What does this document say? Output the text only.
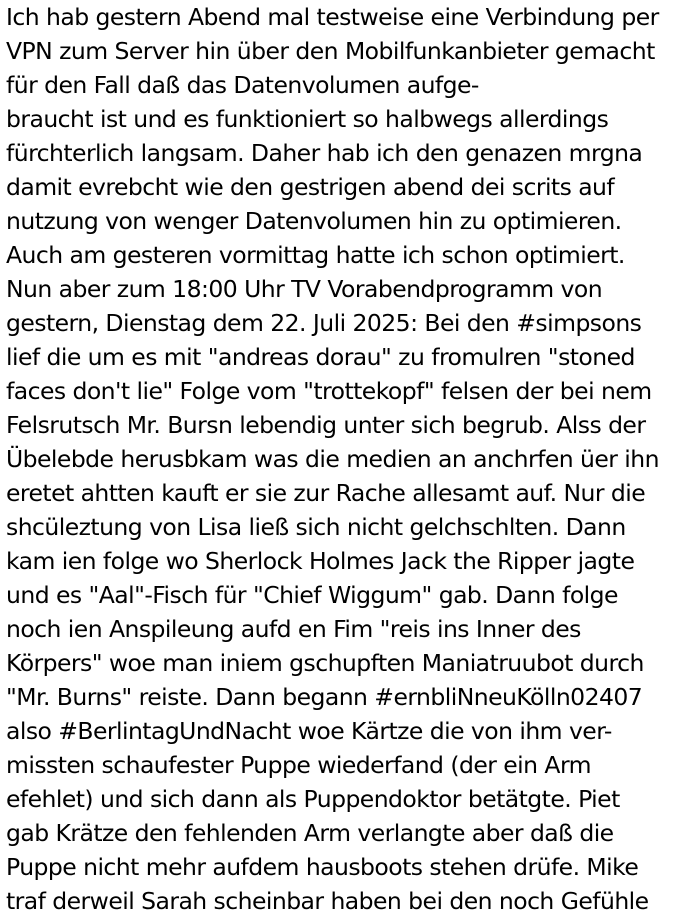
Ich hab gestern Abend mal testweise eine Verbindung per
VPN zum Server hin über den Mobilfunkanbieter gemacht
für den Fall daß das Datenvolumen aufge-
braucht ist und es funktioniert so halbwegs allerdings
fürchterlich langsam. Daher hab ich den genazen mrgna
damit evrebcht wie den gestrigen abend dei scrits auf
nutzung von wenger Datenvolumen hin zu optimieren.
Auch am gesteren vormittag hatte ich schon optimiert.
Nun aber zum 18:00 Uhr TV Vorabendprogramm von
gestern, Dienstag dem 22. Juli 2025: Bei den #simpsons
lief die um es mit "andreas dorau" zu fromulren "stoned
faces don't lie" Folge vom "trottekopf" felsen der bei nem
Felsrutsch Mr. Bursn lebendig unter sich begrub. Alss der
Übelebde herusbkam was die medien an anchrfen üer ihn
eretet ahtten kauft er sie zur Rache allesamt auf. Nur die
shcüleztung von Lisa ließ sich nicht gelchschlten. Dann
kam ien folge wo Sherlock Holmes Jack the Ripper jagte
und es "Aal"-Fisch für "Chief Wiggum" gab. Dann folge
noch ien Anspileung aufd en Fim "reis ins Inner des
Körpers" woe man iniem gschupften Maniatruubot durch
"Mr. Burns" reiste. Dann begann #ernbliNneuKölln02407
also #BerlintagUndNacht woe Kärtze die von ihm ver-
missten schaufester Puppe wiederfand (der ein Arm
efehlet) und sich dann als Puppendoktor betätgte. Piet
gab Krätze den fehlenden Arm verlangte aber daß die
Puppe nicht mehr aufdem hausboots stehen drüfe. Mike
traf derweil Sarah scheinbar haben bei den noch Gefühle
